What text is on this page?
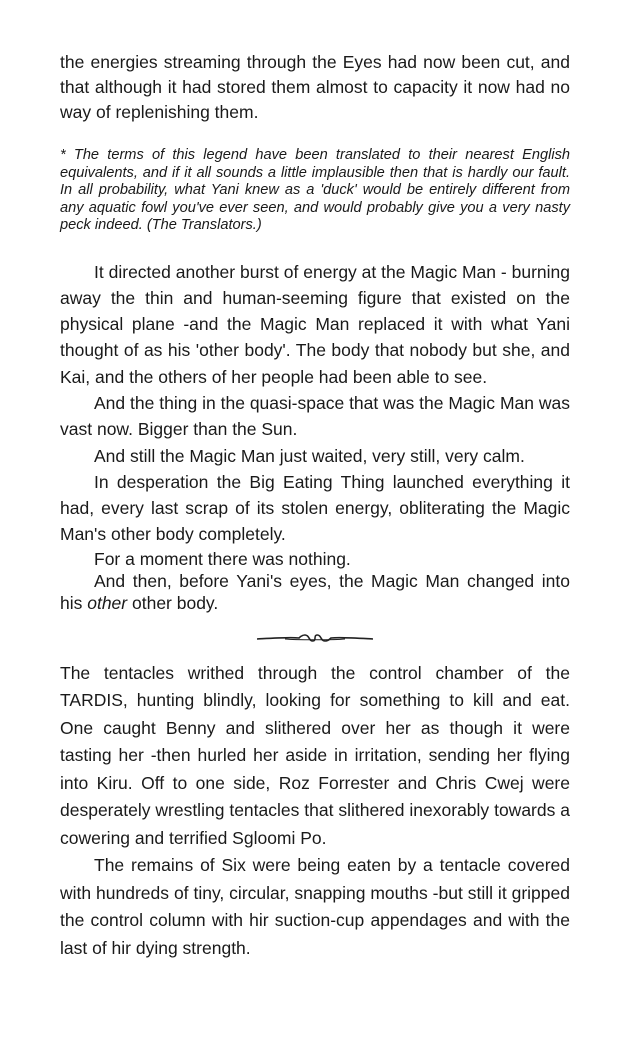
the energies streaming through the Eyes had now been cut, and that although it had stored them almost to capacity it now had no way of replenishing them.

* The terms of this legend have been translated to their nearest English equivalents, and if it all sounds a little implausible then that is hardly our fault. In all probability, what Yani knew as a 'duck' would be entirely different from any aquatic fowl you've ever seen, and would probably give you a very nasty peck indeed. (The Translators.)

It directed another burst of energy at the Magic Man - burning away the thin and human-seeming figure that existed on the physical plane -and the Magic Man replaced it with what Yani thought of as his 'other body'. The body that nobody but she, and Kai, and the others of her people had been able to see.

And the thing in the quasi-space that was the Magic Man was vast now. Bigger than the Sun.

And still the Magic Man just waited, very still, very calm.

In desperation the Big Eating Thing launched everything it had, every last scrap of its stolen energy, obliterating the Magic Man's other body completely.

For a moment there was nothing.

And then, before Yani's eyes, the Magic Man changed into his other other body.

The tentacles writhed through the control chamber of the TARDIS, hunting blindly, looking for something to kill and eat. One caught Benny and slithered over her as though it were tasting her -then hurled her aside in irritation, sending her flying into Kiru. Off to one side, Roz Forrester and Chris Cwej were desperately wrestling tentacles that slithered inexorably towards a cowering and terrified Sgloomi Po.

The remains of Six were being eaten by a tentacle covered with hundreds of tiny, circular, snapping mouths -but still it gripped the control column with hir suction-cup appendages and with the last of hir dying strength.
